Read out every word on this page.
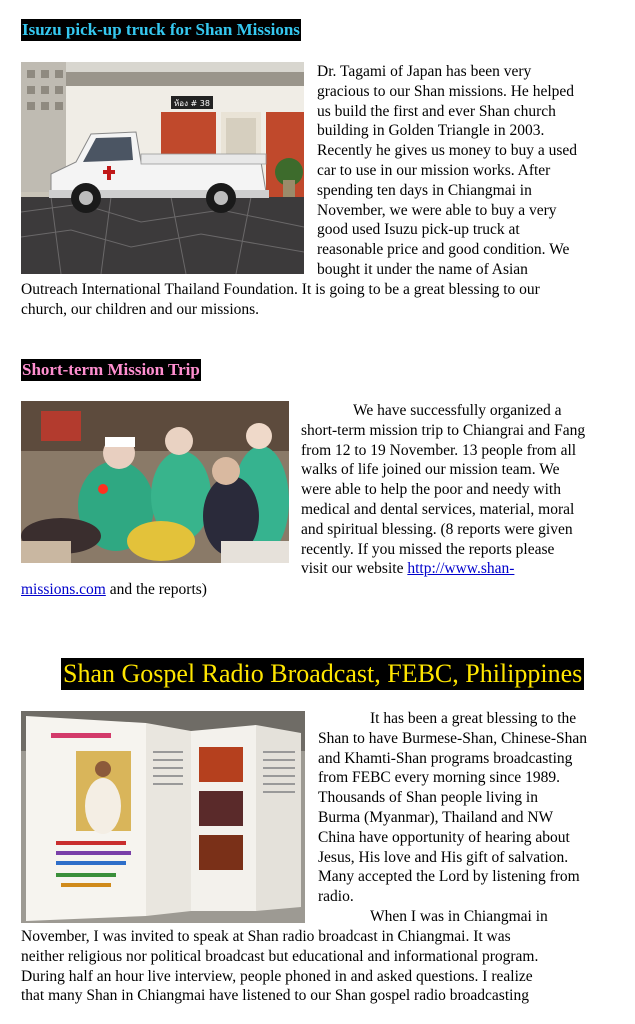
Isuzu pick-up truck for Shan Missions
ห้อง # 38
Dr. Tagami of Japan has been very
gracious to our Shan missions. He helped
us build the first and ever Shan church
building in Golden Triangle in 2003.
Recently he gives us money to buy a used
car to use in our mission works. After
spending ten days in Chiangmai in
November, we were able to buy a very
good used Isuzu pick-up truck at
reasonable price and good condition. We
bought it under the name of Asian
Outreach International Thailand Foundation. It is going to be a great blessing to our
church, our children and our missions.
Short-term Mission Trip
We have successfully organized a
short-term mission trip to Chiangrai and Fang
from 12 to 19 November. 13 people from all
walks of life joined our mission team. We
were able to help the poor and needy with
medical and dental services, material, moral
and spiritual blessing. (8 reports were given
recently. If you missed the reports please
visit our website http://www.shan-
missions.com and the reports)
Shan Gospel Radio Broadcast, FEBC, Philippines
It has been a great blessing to the
Shan to have Burmese-Shan, Chinese-Shan
and Khamti-Shan programs broadcasting
from FEBC every morning since 1989.
Thousands of Shan people living in
Burma (Myanmar), Thailand and NW
China have opportunity of hearing about
Jesus, His love and His gift of salvation.
Many accepted the Lord by listening from
radio.
When I was in Chiangmai in
November, I was invited to speak at Shan radio broadcast in Chiangmai. It was
neither religious nor political broadcast but educational and informational program.
During half an hour live interview, people phoned in and asked questions. I realize
that many Shan in Chiangmai have listened to our Shan gospel radio broadcasting
